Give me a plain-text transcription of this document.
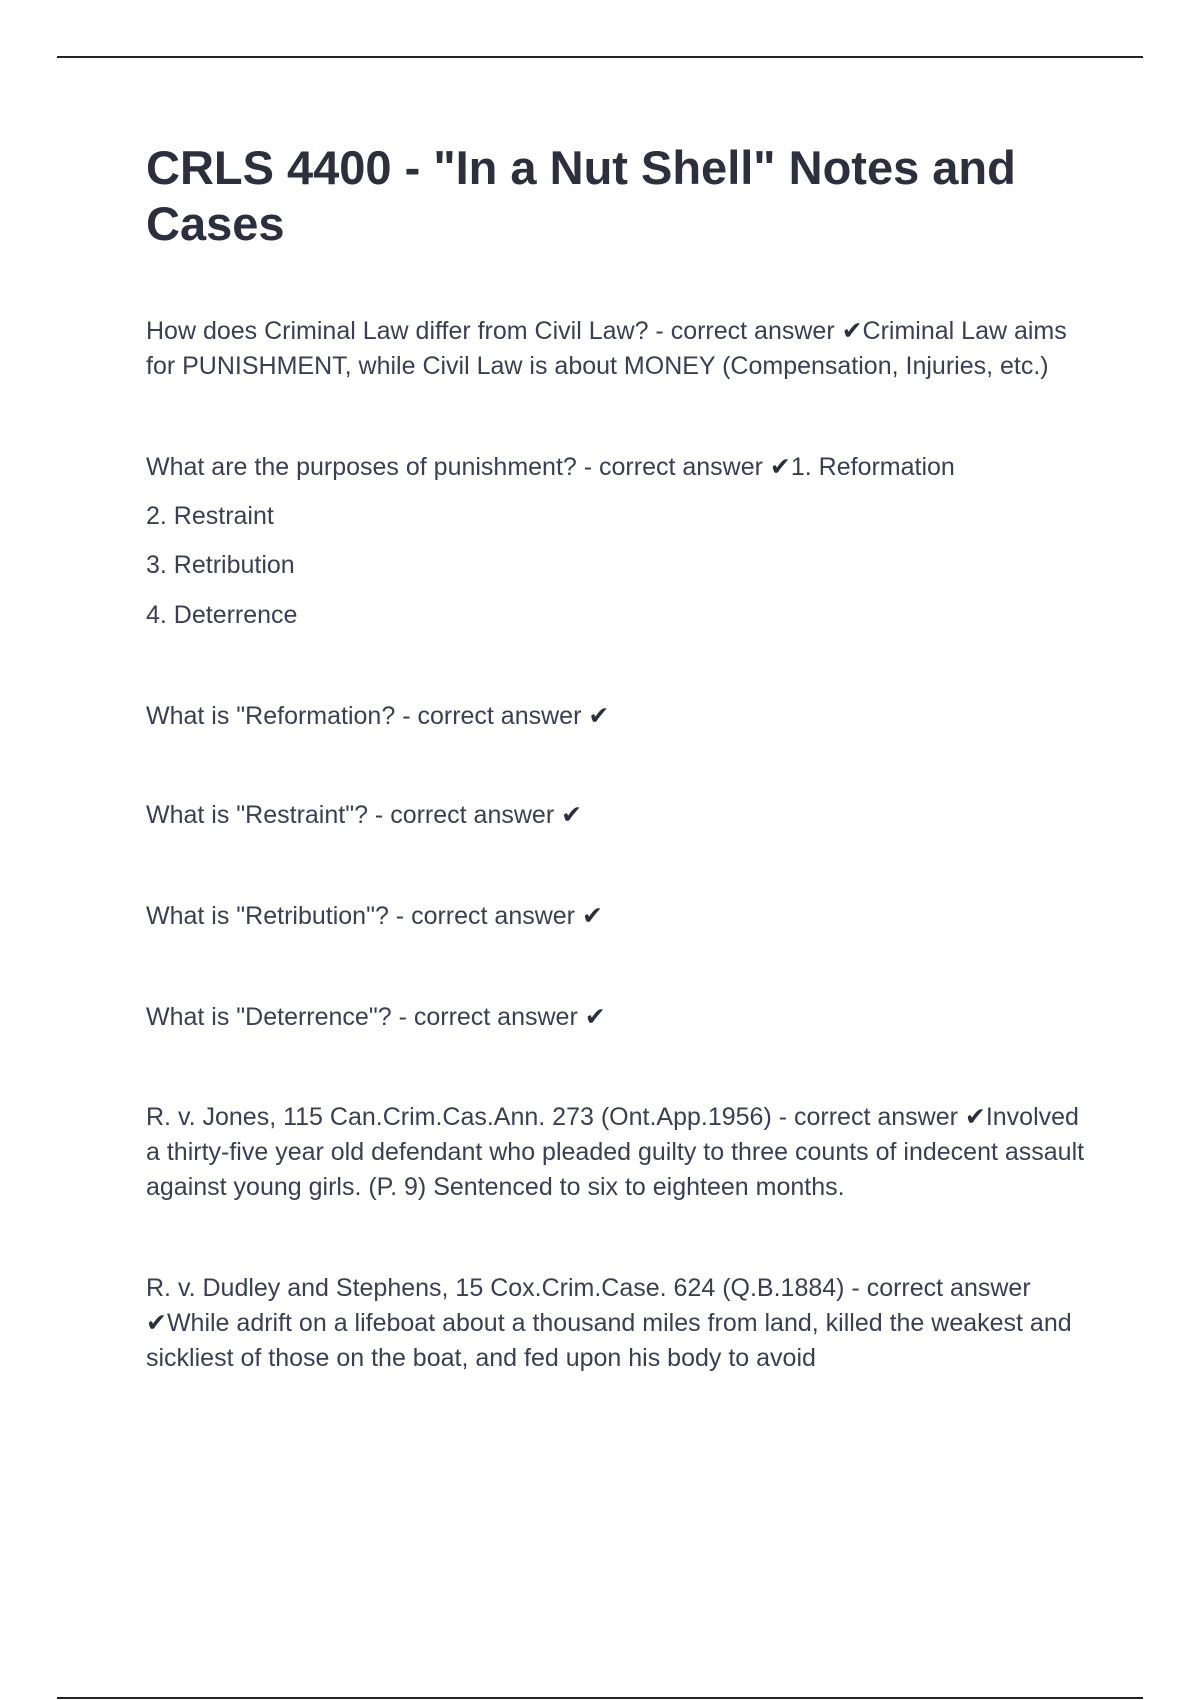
CRLS 4400 - "In a Nut Shell" Notes and Cases

How does Criminal Law differ from Civil Law? - correct answer ✔Criminal Law aims for PUNISHMENT, while Civil Law is about MONEY (Compensation, Injuries, etc.)

What are the purposes of punishment? - correct answer ✔1. Reformation

2. Restraint

3. Retribution

4. Deterrence

What is "Reformation? - correct answer ✔

What is "Restraint"? - correct answer ✔

What is "Retribution"? - correct answer ✔

What is "Deterrence"? - correct answer ✔

R. v. Jones, 115 Can.Crim.Cas.Ann. 273 (Ont.App.1956) - correct answer ✔Involved a thirty-five year old defendant who pleaded guilty to three counts of indecent assault against young girls. (P. 9) Sentenced to six to eighteen months.

R. v. Dudley and Stephens, 15 Cox.Crim.Case. 624 (Q.B.1884) - correct answer ✔While adrift on a lifeboat about a thousand miles from land, killed the weakest and sickliest of those on the boat, and fed upon his body to avoid
